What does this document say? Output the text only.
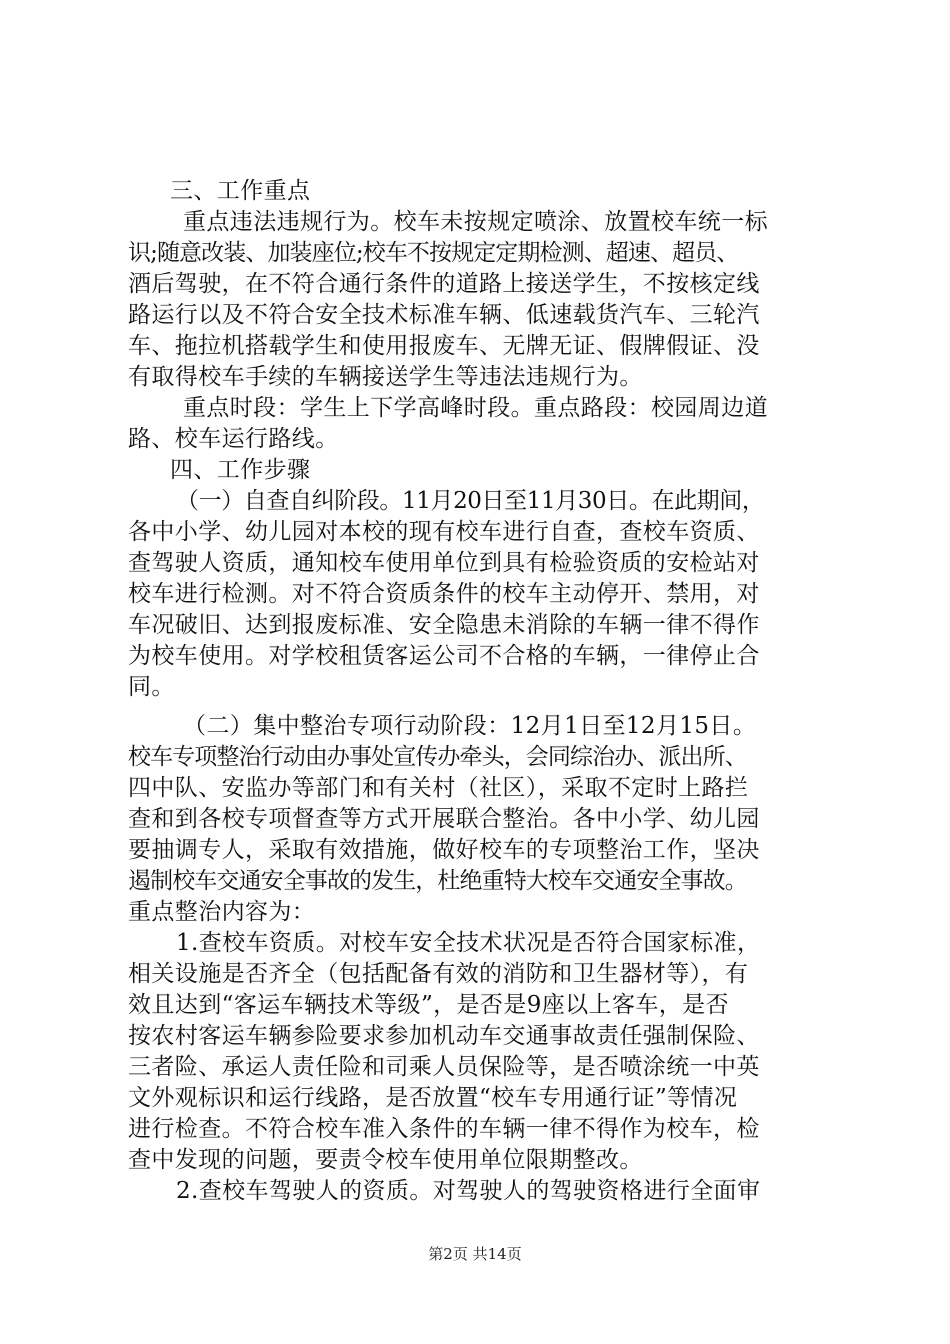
三、工作重点
重点违法违规行为。校车未按规定喷涂、放置校车统一标
识;随意改装、加装座位;校车不按规定定期检测、超速、超员、
酒后驾驶，在不符合通行条件的道路上接送学生，不按核定线
路运行以及不符合安全技术标准车辆、低速载货汽车、三轮汽
车、拖拉机搭载学生和使用报废车、无牌无证、假牌假证、没
有取得校车手续的车辆接送学生等违法违规行为。
重点时段：学生上下学高峰时段。重点路段：校园周边道
路、校车运行路线。
四、工作步骤
（一）自查自纠阶段。11月20日至11月30日。在此期间，
各中小学、幼儿园对本校的现有校车进行自查，查校车资质、
查驾驶人资质，通知校车使用单位到具有检验资质的安检站对
校车进行检测。对不符合资质条件的校车主动停开、禁用，对
车况破旧、达到报废标准、安全隐患未消除的车辆一律不得作
为校车使用。对学校租赁客运公司不合格的车辆，一律停止合
同。
（二）集中整治专项行动阶段：12月1日至12月15日。
校车专项整治行动由办事处宣传办牵头，会同综治办、派出所、
四中队、安监办等部门和有关村（社区），采取不定时上路拦
查和到各校专项督查等方式开展联合整治。各中小学、幼儿园
要抽调专人，采取有效措施，做好校车的专项整治工作，坚决
遏制校车交通安全事故的发生，杜绝重特大校车交通安全事故。
重点整治内容为：
1.查校车资质。对校车安全技术状况是否符合国家标准，
相关设施是否齐全（包括配备有效的消防和卫生器材等），有
效且达到“客运车辆技术等级”，是否是9座以上客车，是否
按农村客运车辆参险要求参加机动车交通事故责任强制保险、
三者险、承运人责任险和司乘人员保险等，是否喷涂统一中英
文外观标识和运行线路，是否放置“校车专用通行证”等情况
进行检查。不符合校车准入条件的车辆一律不得作为校车，检
查中发现的问题，要责令校车使用单位限期整改。
2.查校车驾驶人的资质。对驾驶人的驾驶资格进行全面审
第2页 共14页
